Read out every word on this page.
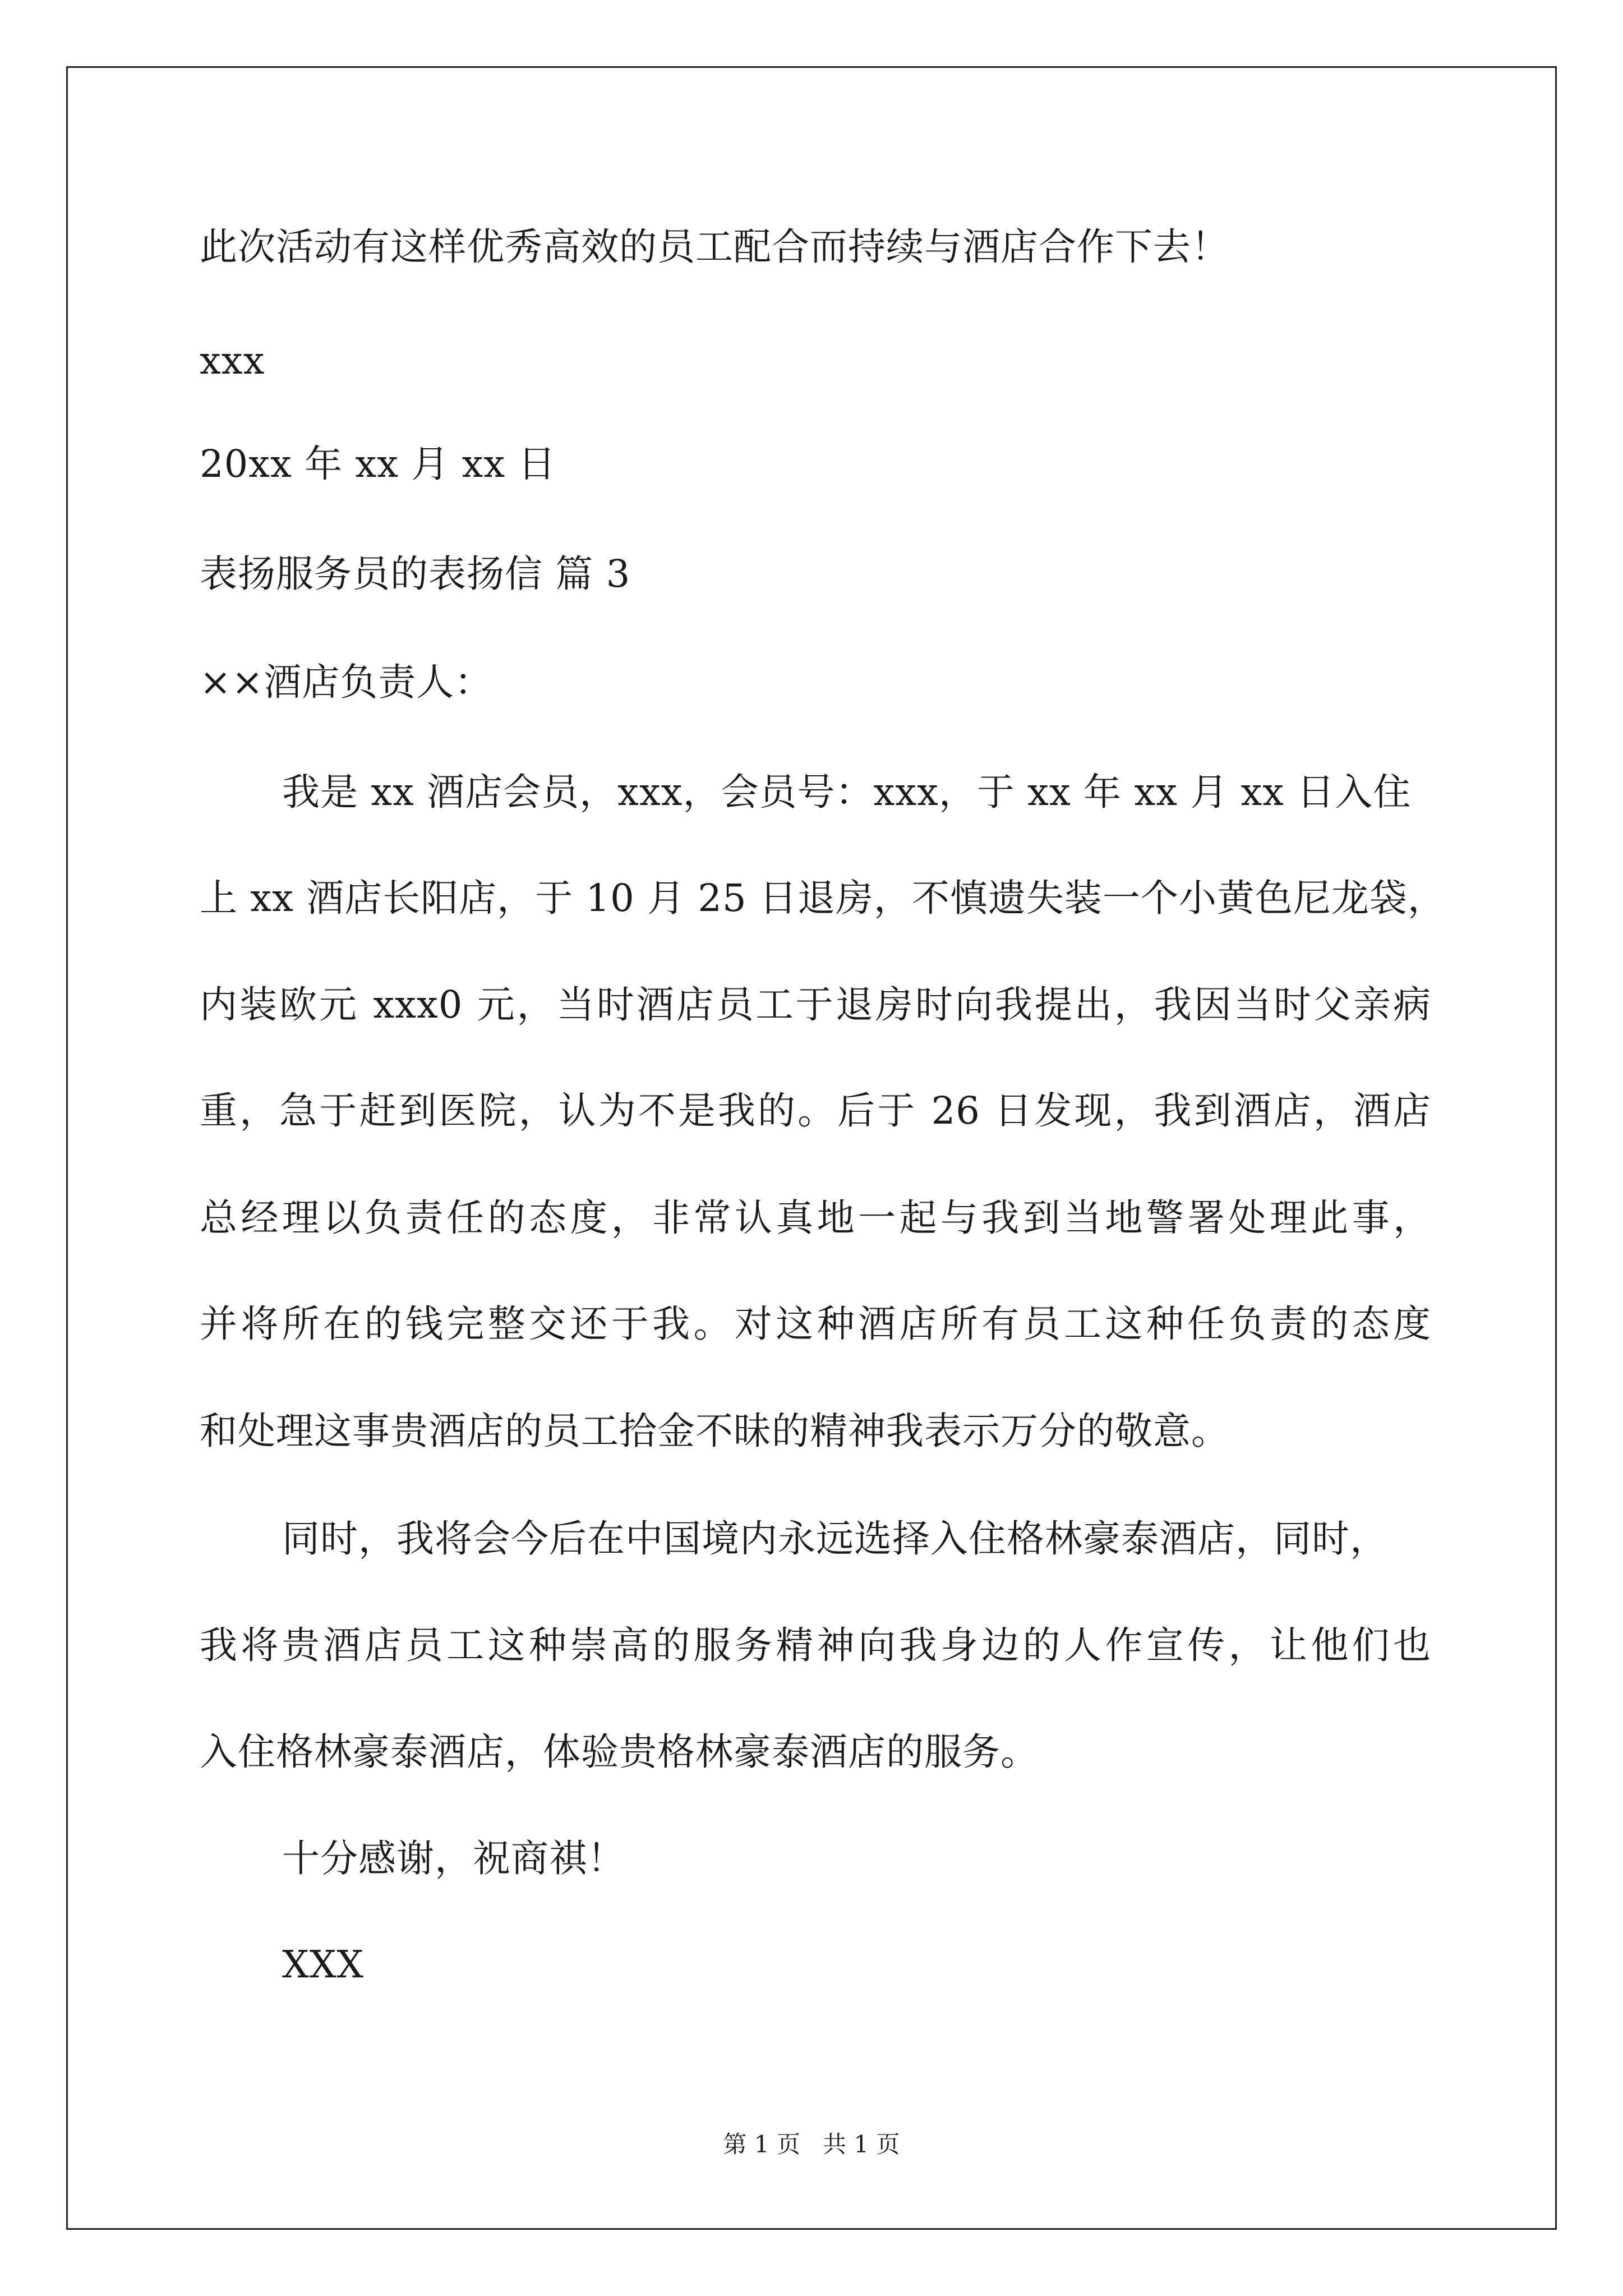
此次活动有这样优秀高效的员工配合而持续与酒店合作下去！
xxx
20xx 年 xx 月 xx 日
表扬服务员的表扬信 篇 3
××酒店负责人：
我是 xx 酒店会员，xxx，会员号：xxx，于 xx 年 xx 月 xx 日入住
上 xx 酒店长阳店，于 10 月 25 日退房，不慎遗失装一个小黄色尼龙袋，
内装欧元 xxx0 元，当时酒店员工于退房时向我提出，我因当时父亲病
重，急于赶到医院，认为不是我的。后于 26 日发现，我到酒店，酒店
总经理以负责任的态度，非常认真地一起与我到当地警署处理此事，
并将所在的钱完整交还于我。对这种酒店所有员工这种任负责的态度
和处理这事贵酒店的员工拾金不昧的精神我表示万分的敬意。
同时，我将会今后在中国境内永远选择入住格林豪泰酒店，同时，
我将贵酒店员工这种崇高的服务精神向我身边的人作宣传，让他们也
入住格林豪泰酒店，体验贵格林豪泰酒店的服务。
十分感谢，祝商祺！
XXX
第 1 页   共 1 页
